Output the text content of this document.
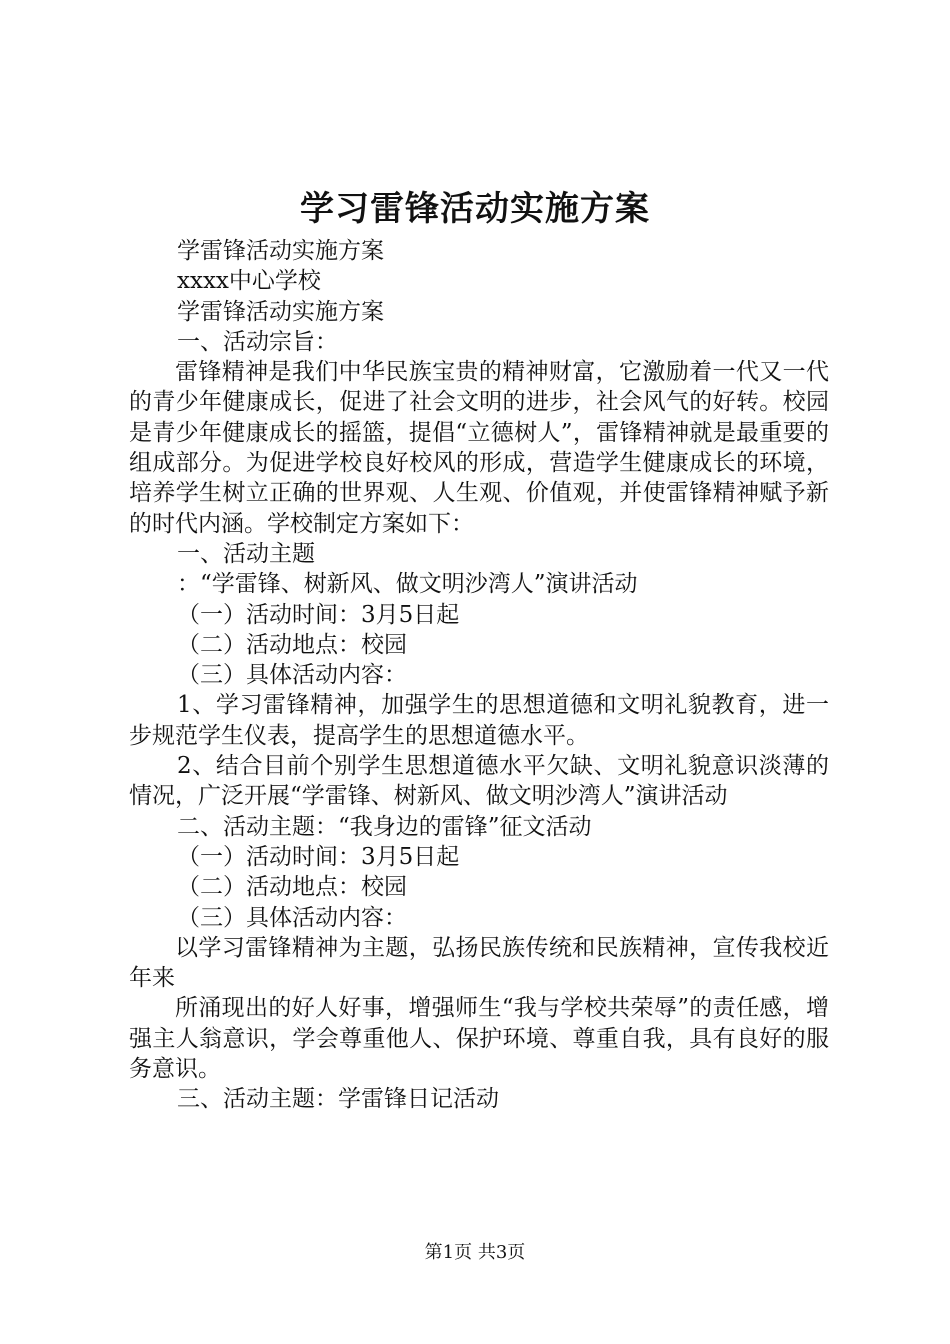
学习雷锋活动实施方案

学雷锋活动实施方案

xxxx中心学校

学雷锋活动实施方案

一、活动宗旨：

雷锋精神是我们中华民族宝贵的精神财富，它激励着一代又一代的青少年健康成长，促进了社会文明的进步，社会风气的好转。校园是青少年健康成长的摇篮，提倡“立德树人”，雷锋精神就是最重要的组成部分。为促进学校良好校风的形成，营造学生健康成长的环境，培养学生树立正确的世界观、人生观、价值观，并使雷锋精神赋予新的时代内涵。学校制定方案如下：

一、活动主题

：“学雷锋、树新风、做文明沙湾人”演讲活动

（一）活动时间：3月5日起

（二）活动地点：校园

（三）具体活动内容：

1、学习雷锋精神，加强学生的思想道德和文明礼貌教育，进一步规范学生仪表，提高学生的思想道德水平。

2、结合目前个别学生思想道德水平欠缺、文明礼貌意识淡薄的情况，广泛开展“学雷锋、树新风、做文明沙湾人”演讲活动

二、活动主题：“我身边的雷锋”征文活动

（一）活动时间：3月5日起

（二）活动地点：校园

（三）具体活动内容：

以学习雷锋精神为主题，弘扬民族传统和民族精神，宣传我校近年来

所涌现出的好人好事，增强师生“我与学校共荣辱”的责任感，增强主人翁意识，学会尊重他人、保护环境、尊重自我，具有良好的服务意识。

三、活动主题：学雷锋日记活动

第1页 共3页
